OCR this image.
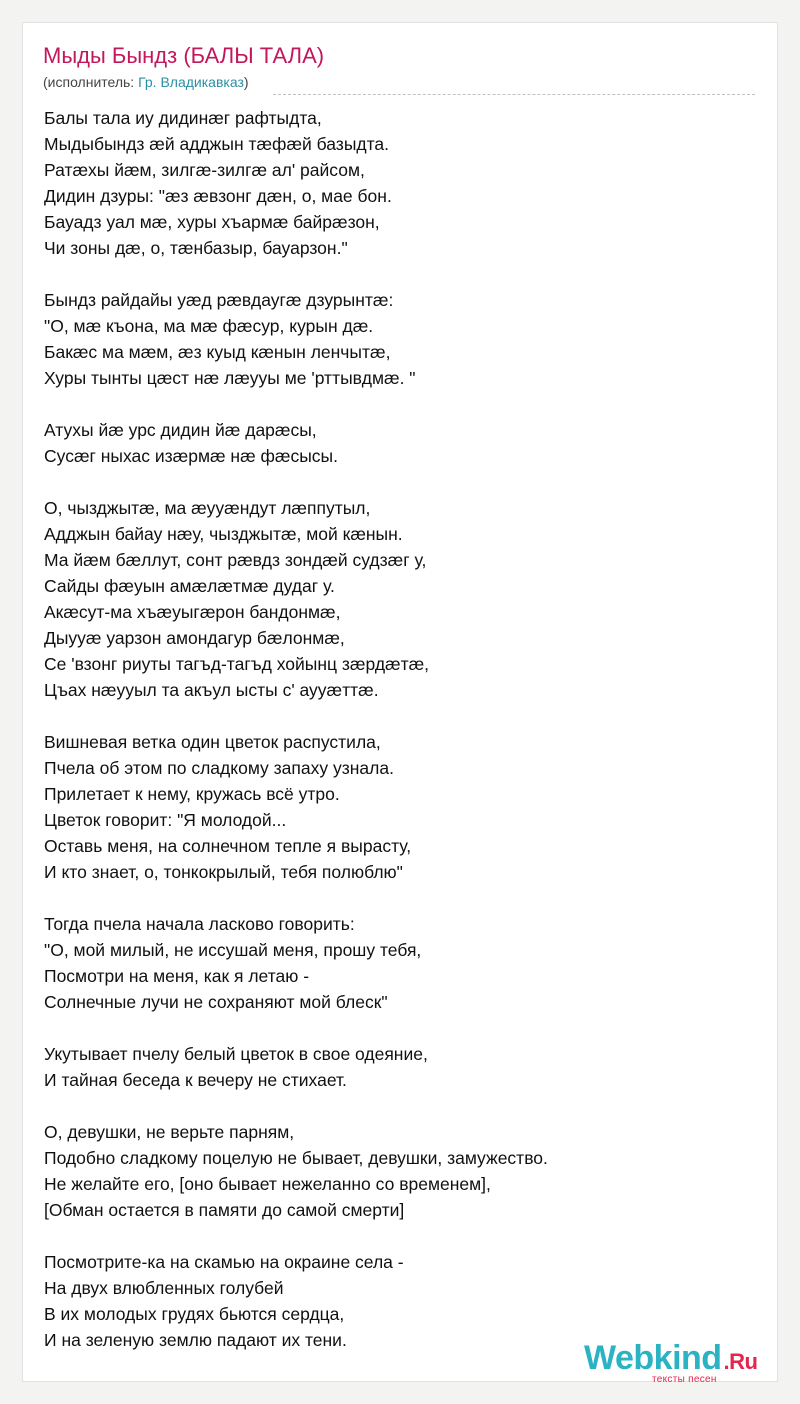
Мыды Бындз (БАЛЫ ТАЛА)
(исполнитель: Гр. Владикавказ)
Балы тала иу дидинæг рафтыдта,
Мыдыбындз æй адджын тæфæй базыдта.
Ратæхы йæм, зилгæ-зилгæ ал' райсом,
Дидин дзуры: "æз æвзонг дæн, о, мае бон.
Бауадз уал мæ, хуры хъармæ байрæзон,
Чи зоны дæ, о, тæнбазыр, бауарзон."
Бындз райдайы уæд рæвдаугæ дзурынтæ:
"О, мæ къона, ма мæ фæсур, курын дæ.
Бакæс ма мæм, æз куыд кæнын ленчытæ,
Хуры тынты цæст нæ лæууы ме 'рттывдмæ. "
Атухы йæ урс дидин йæ дарæсы,
Сусæг ныхас изæрмæ нæ фæсысы.
О, чызджытæ, ма æууæндут лæппутыл,
Адджын байау нæу, чызджытæ, мой кæнын.
Ма йæм бæллут, сонт рæвдз зондæй судзæг у,
Сайды фæуын амæлæтмæ дудаг у.
Акæсут-ма хъæуыгæрон бандонмæ,
Дыууæ уарзон амондагур бæлонмæ,
Се 'взонг риуты тагъд-тагъд хойынц зæрдæтæ,
Цъах нæууыл та акъул ысты с' аууæттæ.
Вишневая ветка один цветок распустила,
Пчела об этом по сладкому запаху узнала.
Прилетает к нему, кружась всё утро.
Цветок говорит: "Я молодой...
Оставь меня, на солнечном тепле я вырасту,
И кто знает, о, тонкокрылый, тебя полюблю"
Тогда пчела начала ласково говорить:
"О, мой милый, не иссушай меня, прошу тебя,
Посмотри на меня, как я летаю -
Солнечные лучи не сохраняют мой блеск"
Укутывает пчелу белый цветок в свое одеяние,
И тайная беседа к вечеру не стихает.
О, девушки, не верьте парням,
Подобно сладкому поцелую не бывает, девушки, замужество.
Не желайте его, [оно бывает нежеланно со временем],
[Обман остается в памяти до самой смерти]
Посмотрите-ка на скамью на окраине села -
На двух влюбленных голубей
В их молодых грудях бьются сердца,
И на зеленую землю падают их тени.	Webkind.Ru
тексты песен
